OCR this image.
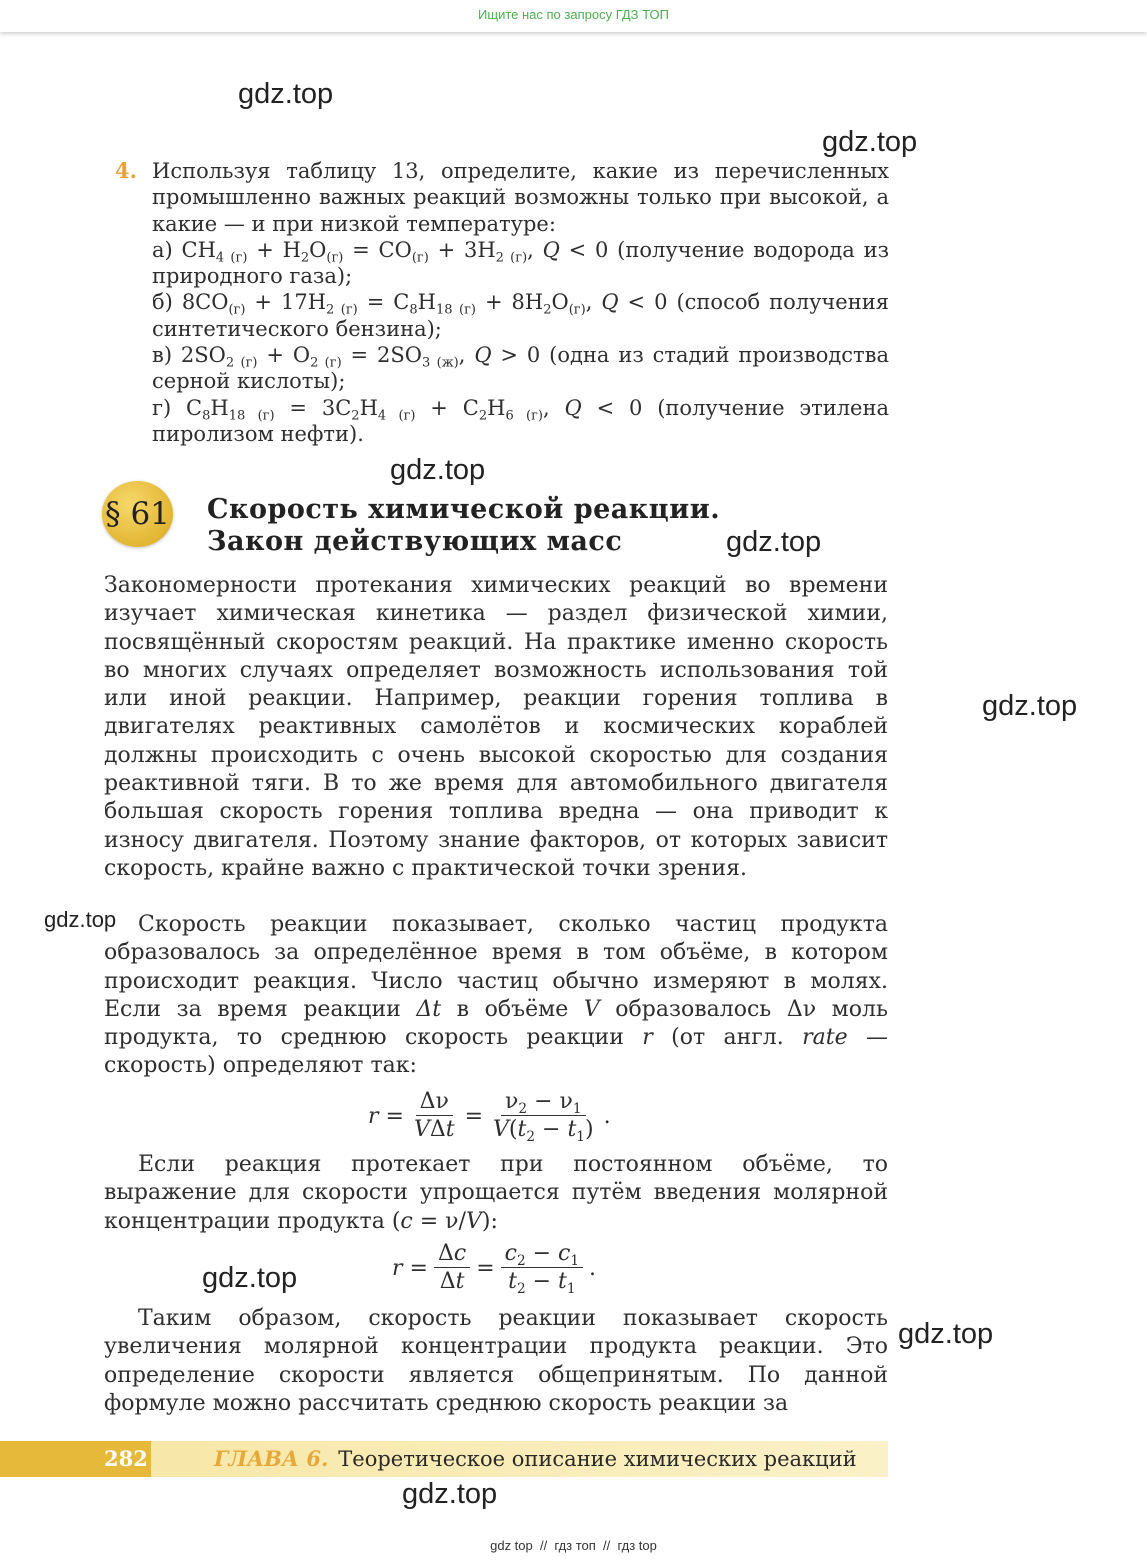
Ищите нас по запросу ГДЗ ТОП
gdz.top
gdz.top
gdz.top
gdz.top
gdz.top
gdz.top
gdz.top
gdz.top
gdz.top
4. Используя таблицу 13, определите, какие из перечисленных промышленно важных реакций возможны только при высокой, а какие — и при низкой температуре:
а) $CH_{4 (г)} + H_2O_{(г)} = CO_{(г)} + 3H_{2 (г)}$, Q < 0 (получение водорода из природного газа);
б) $8CO_{(г)} + 17H_{2 (г)} = C_8H_{18 (г)} + 8H_2O_{(г)}$, Q < 0 (способ получения синтетического бензина);
в) $2SO_{2 (г)} + O_{2 (г)} = 2SO_{3 (ж)}$, Q > 0 (одна из стадий производства серной кислоты);
г) $C_8H_{18 (г)} = 3C_2H_{4 (г)} + C_2H_{6 (г)}$, Q < 0 (получение этилена пиролизом нефти).
§ 61 Скорость химической реакции.
Закон действующих масс

Закономерности протекания химических реакций во времени изучает химическая кинетика — раздел физической химии, посвящённый скоростям реакций. На практике именно скорость во многих случаях определяет возможность использования той или иной реакции. Например, реакции горения топлива в двигателях реактивных самолётов и космических кораблей должны происходить с очень высокой скоростью для создания реактивной тяги. В то же время для автомобильного двигателя большая скорость горения топлива вредна — она приводит к износу двигателя. Поэтому знание факторов, от которых зависит скорость, крайне важно с практической точки зрения.

Скорость реакции показывает, сколько частиц продукта образовалось за определённое время в том объёме, в котором происходит реакция. Число частиц обычно измеряют в молях. Если за время реакции Δt в объёме V образовалось Δν моль продукта, то среднюю скорость реакции r (от англ. rate — скорость) определяют так:

$r = \frac{\Delta\nu}{\text{VΔt}} = \frac{\nu_2 - \nu_1}{V(t_2 - t_1)}$ .

Если реакция протекает при постоянном объёме, то выражение для скорости упрощается путём введения молярной концентрации продукта (c = ν/V):

$r = \frac{\Delta c}{\Delta t} = \frac{c_2 - c_1}{t_2 - t_1}$ .

Таким образом, скорость реакции показывает скорость увеличения молярной концентрации продукта реакции. Это определение скорости является общепринятым. По данной формуле можно рассчитать среднюю скорость реакции за

282	ГЛАВА 6. Теоретическое описание химических реакций
gdz top  //  гдз топ  //  гдз top
